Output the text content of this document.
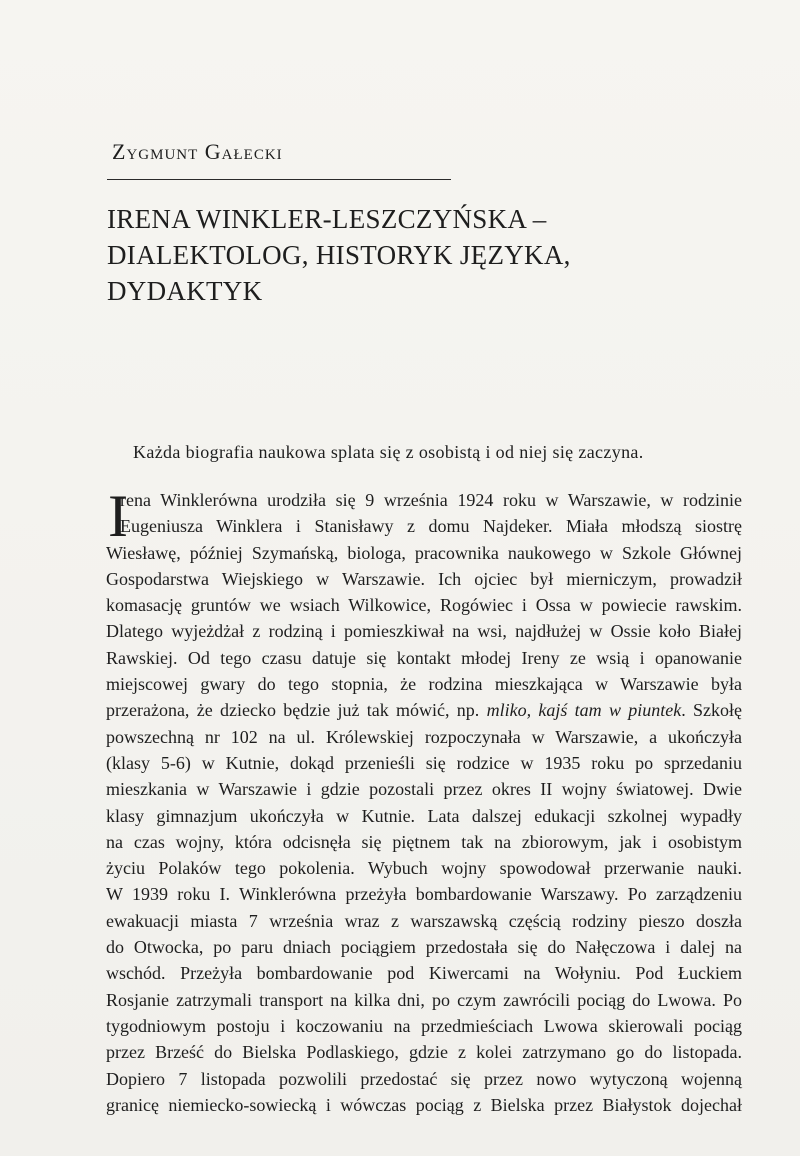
Zygmunt Gałecki
IRENA WINKLER-LESZCZYŃSKA –
DIALEKTOLOG, HISTORYK JĘZYKA,
DYDAKTYK
Każda biografia naukowa splata się z osobistą i od niej się zaczyna.
I
rena Winklerówna urodziła się 9 września 1924 roku w Warszawie, w rodzinie
Eugeniusza Winklera i Stanisławy z domu Najdeker. Miała młodszą siostrę
Wiesławę, później Szymańską, biologa, pracownika naukowego w Szkole Głównej
Gospodarstwa Wiejskiego w Warszawie. Ich ojciec był mierniczym, prowadził
komasację gruntów we wsiach Wilkowice, Rogówiec i Ossa w powiecie rawskim.
Dlatego wyjeżdżał z rodziną i pomieszkiwał na wsi, najdłużej w Ossie koło Białej
Rawskiej. Od tego czasu datuje się kontakt młodej Ireny ze wsią i opanowanie
miejscowej gwary do tego stopnia, że rodzina mieszkająca w Warszawie była
przerażona, że dziecko będzie już tak mówić, np. mliko, kajś tam w piuntek. Szkołę
powszechną nr 102 na ul. Królewskiej rozpoczynała w Warszawie, a ukończyła
(klasy 5-6) w Kutnie, dokąd przenieśli się rodzice w 1935 roku po sprzedaniu
mieszkania w Warszawie i gdzie pozostali przez okres II wojny światowej. Dwie
klasy gimnazjum ukończyła w Kutnie. Lata dalszej edukacji szkolnej wypadły
na czas wojny, która odcisnęła się piętnem tak na zbiorowym, jak i osobistym
życiu Polaków tego pokolenia. Wybuch wojny spowodował przerwanie nauki.
W 1939 roku I. Winklerówna przeżyła bombardowanie Warszawy. Po zarządzeniu
ewakuacji miasta 7 września wraz z warszawską częścią rodziny pieszo doszła
do Otwocka, po paru dniach pociągiem przedostała się do Nałęczowa i dalej na
wschód. Przeżyła bombardowanie pod Kiwercami na Wołyniu. Pod Łuckiem
Rosjanie zatrzymali transport na kilka dni, po czym zawrócili pociąg do Lwowa. Po
tygodniowym postoju i koczowaniu na przedmieściach Lwowa skierowali pociąg
przez Brześć do Bielska Podlaskiego, gdzie z kolei zatrzymano go do listopada.
Dopiero 7 listopada pozwolili przedostać się przez nowo wytyczoną wojenną
granicę niemiecko-sowiecką i wówczas pociąg z Bielska przez Białystok dojechał
